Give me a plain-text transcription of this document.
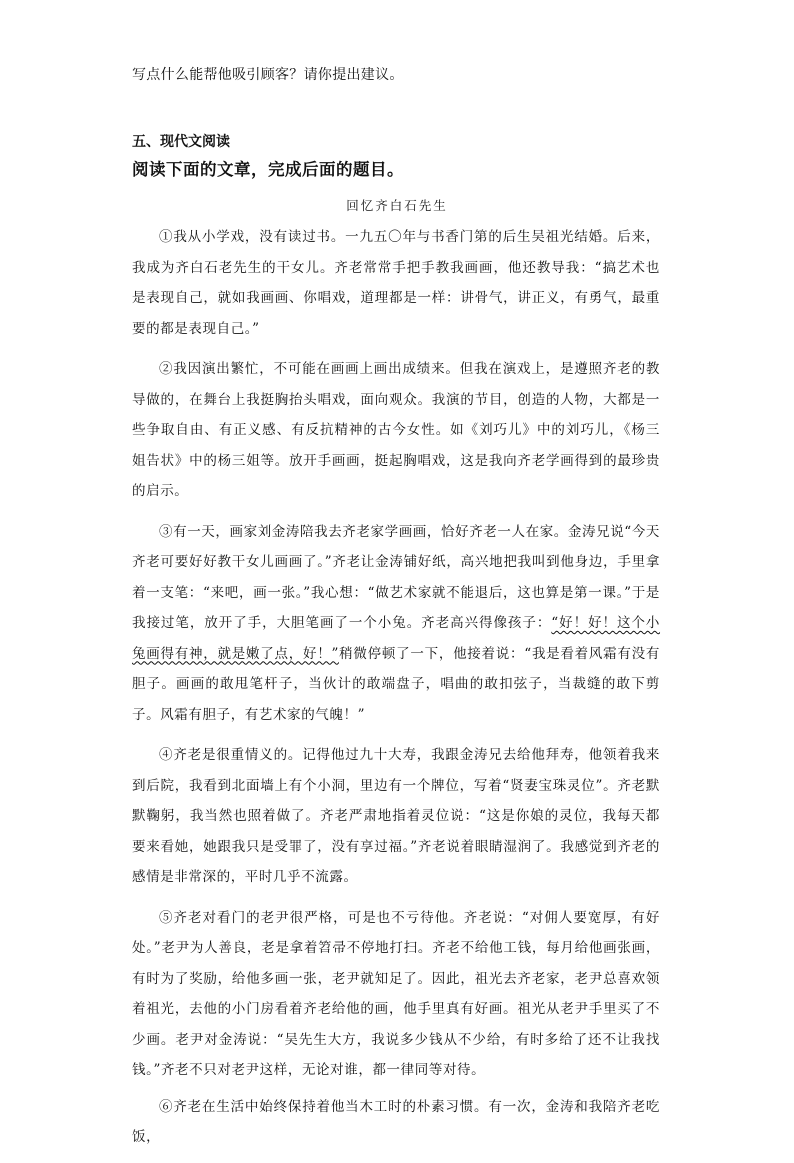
写点什么能帮他吸引顾客？请你提出建议。
五、现代文阅读
阅读下面的文章，完成后面的题目。
回忆齐白石先生

①我从小学戏，没有读过书。一九五〇年与书香门第的后生吴祖光结婚。后来，我成为齐白石老先生的干女儿。齐老常常手把手教我画画，他还教导我：“搞艺术也是表现自己，就如我画画、你唱戏，道理都是一样：讲骨气，讲正义，有勇气，最重要的都是表现自己。”

②我因演出繁忙，不可能在画画上画出成绩来。但我在演戏上，是遵照齐老的教导做的，在舞台上我挺胸抬头唱戏，面向观众。我演的节目，创造的人物，大都是一些争取自由、有正义感、有反抗精神的古今女性。如《刘巧儿》中的刘巧儿，《杨三姐告状》中的杨三姐等。放开手画画，挺起胸唱戏，这是我向齐老学画得到的最珍贵的启示。

③有一天，画家刘金涛陪我去齐老家学画画，恰好齐老一人在家。金涛兄说“今天齐老可要好好教干女儿画画了。”齐老让金涛铺好纸，高兴地把我叫到他身边，手里拿着一支笔：“来吧，画一张。”我心想：“做艺术家就不能退后，这也算是第一课。”于是我接过笔，放开了手，大胆笔画了一个小兔。齐老高兴得像孩子：“好！好！这个小兔画得有神，就是嫩了点，好！”稍微停顿了一下，他接着说：“我是看着风霜有没有胆子。画画的敢甩笔杆子，当伙计的敢端盘子，唱曲的敢扣弦子，当裁缝的敢下剪子。风霜有胆子，有艺术家的气魄！”

④齐老是很重情义的。记得他过九十大寿，我跟金涛兄去给他拜寿，他领着我来到后院，我看到北面墙上有个小洞，里边有一个牌位，写着“贤妻宝珠灵位”。齐老默默鞠躬，我当然也照着做了。齐老严肃地指着灵位说：“这是你娘的灵位，我每天都要来看她，她跟我只是受罪了，没有享过福。”齐老说着眼睛湿润了。我感觉到齐老的感情是非常深的，平时几乎不流露。

⑤齐老对看门的老尹很严格，可是也不亏待他。齐老说：“对佣人要宽厚，有好处。”老尹为人善良，老是拿着笤帚不停地打扫。齐老不给他工钱，每月给他画张画，有时为了奖励，给他多画一张，老尹就知足了。因此，祖光去齐老家，老尹总喜欢领着祖光，去他的小门房看着齐老给他的画，他手里真有好画。祖光从老尹手里买了不少画。老尹对金涛说：“吴先生大方，我说多少钱从不少给，有时多给了还不让我找钱。”齐老不只对老尹这样，无论对谁，都一律同等对待。

⑥齐老在生活中始终保持着他当木工时的朴素习惯。有一次，金涛和我陪齐老吃饭，
